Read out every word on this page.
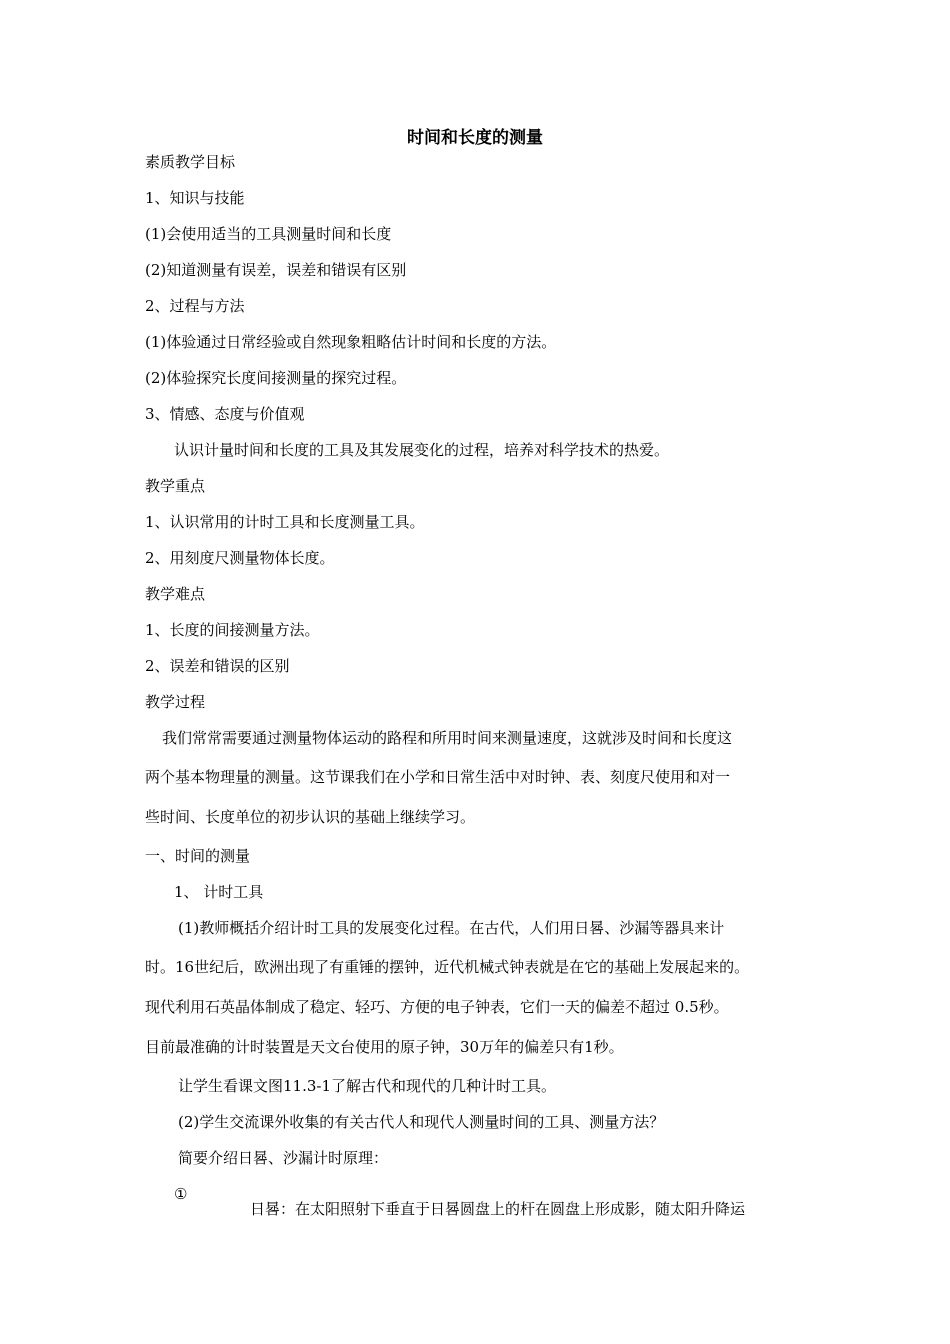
时间和长度的测量

素质教学目标

1、知识与技能

(1)会使用适当的工具测量时间和长度

(2)知道测量有误差，误差和错误有区别

2、过程与方法

(1)体验通过日常经验或自然现象粗略估计时间和长度的方法。

(2)体验探究长度间接测量的探究过程。

3、情感、态度与价值观

认识计量时间和长度的工具及其发展变化的过程，培养对科学技术的热爱。

教学重点

1、认识常用的计时工具和长度测量工具。

2、用刻度尺测量物体长度。

教学难点

1、长度的间接测量方法。

2、误差和错误的区别

教学过程

我们常常需要通过测量物体运动的路程和所用时间来测量速度，这就涉及时间和长度这

两个基本物理量的测量。这节课我们在小学和日常生活中对时钟、表、刻度尺使用和对一

些时间、长度单位的初步认识的基础上继续学习。

一、时间的测量

1、 计时工具

(1)教师概括介绍计时工具的发展变化过程。在古代，人们用日晷、沙漏等器具来计

时。16世纪后，欧洲出现了有重锤的摆钟，近代机械式钟表就是在它的基础上发展起来的。

现代利用石英晶体制成了稳定、轻巧、方便的电子钟表，它们一天的偏差不超过 0.5秒。

目前最准确的计时装置是天文台使用的原子钟，30万年的偏差只有1秒。

让学生看课文图11.3-1了解古代和现代的几种计时工具。

(2)学生交流课外收集的有关古代人和现代人测量时间的工具、测量方法？

简要介绍日晷、沙漏计时原理：

①

日晷：在太阳照射下垂直于日晷圆盘上的杆在圆盘上形成影，随太阳升降运
